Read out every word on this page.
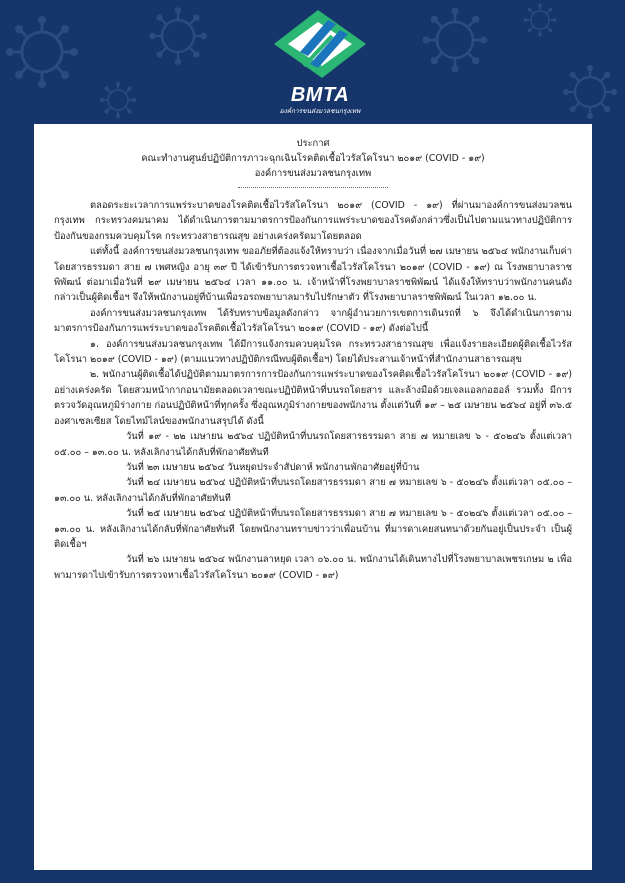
BMTA
องค์การขนส่งมวลชนกรุงเทพ
ประกาศ
คณะทำงานศูนย์ปฏิบัติการภาวะฉุกเฉินโรคติดเชื้อไวรัสโคโรนา ๒๐๑๙ (COVID - ๑๙)
องค์การขนส่งมวลชนกรุงเทพ

ตลอดระยะเวลาการแพร่ระบาดของโรคติดเชื้อไวรัสโคโรนา ๒๐๑๙ (COVID - ๑๙) ที่ผ่านมาองค์การขนส่งมวลชนกรุงเทพ กระทรวงคมนาคม ได้ดำเนินการตามมาตรการป้องกันการแพร่ระบาดของโรคดังกล่าวซึ่งเป็นไปตามแนวทางปฏิบัติการป้องกันของกรมควบคุมโรค กระทรวงสาธารณสุข อย่างเคร่งครัดมาโดยตลอด

แต่ทั้งนี้ องค์การขนส่งมวลชนกรุงเทพ ขออภัยที่ต้องแจ้งให้ทราบว่า เนื่องจากเมื่อวันที่ ๒๗ เมษายน ๒๕๖๔ พนักงานเก็บค่าโดยสารธรรมดา สาย ๗ เพศหญิง อายุ ๓๙ ปี ได้เข้ารับการตรวจหาเชื้อไวรัสโคโรนา ๒๐๑๙ (COVID - ๑๙) ณ โรงพยาบาลราชพิพัฒน์ ต่อมาเมื่อวันที่ ๒๙ เมษายน ๒๕๖๔ เวลา ๑๑.๐๐ น. เจ้าหน้าที่โรงพยาบาลราชพิพัฒน์ ได้แจ้งให้ทราบว่าพนักงานคนดังกล่าวเป็นผู้ติดเชื้อฯ จึงให้พนักงานอยู่ที่บ้านเพื่อรอรถพยาบาลมารับไปรักษาตัว ที่โรงพยาบาลราชพิพัฒน์ ในเวลา ๑๒.๐๐ น.

องค์การขนส่งมวลชนกรุงเทพ ได้รับทราบข้อมูลดังกล่าว จากผู้อำนวยการเขตการเดินรถที่ ๖ จึงได้ดำเนินการตามมาตรการป้องกันการแพร่ระบาดของโรคติดเชื้อไวรัสโคโรนา ๒๐๑๙ (COVID - ๑๙) ดังต่อไปนี้

๑. องค์การขนส่งมวลชนกรุงเทพ ได้มีการแจ้งกรมควบคุมโรค กระทรวงสาธารณสุข เพื่อแจ้งรายละเอียดผู้ติดเชื้อไวรัสโคโรนา ๒๐๑๙ (COVID - ๑๙) (ตามแนวทางปฏิบัติกรณีพบผู้ติดเชื้อฯ) โดยได้ประสานเจ้าหน้าที่สำนักงานสาธารณสุข

๒. พนักงานผู้ติดเชื้อได้ปฏิบัติตามมาตรการการป้องกันการแพร่ระบาดของโรคติดเชื้อไวรัสโคโรนา ๒๐๑๙ (COVID - ๑๙) อย่างเคร่งครัด โดยสวมหน้ากากอนามัยตลอดเวลาขณะปฏิบัติหน้าที่บนรถโดยสาร และล้างมือด้วยเจลแอลกอฮอล์ รวมทั้ง มีการตรวจวัดอุณหภูมิร่างกาย ก่อนปฏิบัติหน้าที่ทุกครั้ง ซึ่งอุณหภูมิร่างกายของพนักงาน ตั้งแต่วันที่ ๑๙ – ๒๕ เมษายน ๒๕๖๔ อยู่ที่ ๓๖.๕ องศาเซลเซียส โดยไทม์ไลน์ของพนักงานสรุปได้ ดังนี้

วันที่ ๑๙ - ๒๒ เมษายน ๒๕๖๔ ปฏิบัติหน้าที่บนรถโดยสารธรรมดา สาย ๗ หมายเลข ๖ - ๕๐๒๔๖ ตั้งแต่เวลา ๐๕.๐๐ – ๑๓.๐๐ น. หลังเลิกงานได้กลับที่พักอาศัยทันที

วันที่ ๒๓ เมษายน ๒๕๖๔ วันหยุดประจำสัปดาห์ พนักงานพักอาศัยอยู่ที่บ้าน

วันที่ ๒๔ เมษายน ๒๕๖๔ ปฏิบัติหน้าที่บนรถโดยสารธรรมดา สาย ๗ หมายเลข ๖ - ๕๐๒๔๖ ตั้งแต่เวลา ๐๕.๐๐ – ๑๓.๐๐ น. หลังเลิกงานได้กลับที่พักอาศัยทันที

วันที่ ๒๕ เมษายน ๒๕๖๔ ปฏิบัติหน้าที่บนรถโดยสารธรรมดา สาย ๗ หมายเลข ๖ - ๕๐๒๔๖ ตั้งแต่เวลา ๐๕.๐๐ – ๑๓.๐๐ น. หลังเลิกงานได้กลับที่พักอาศัยทันที โดยพนักงานทราบข่าวว่าเพื่อนบ้าน ที่มารดาเคยสนทนาด้วยกันอยู่เป็นประจำ เป็นผู้ติดเชื้อฯ

วันที่ ๒๖ เมษายน ๒๕๖๔ พนักงานลาหยุด เวลา ๐๖.๐๐ น. พนักงานได้เดินทางไปที่โรงพยาบาลเพชรเกษม ๒ เพื่อพามารดาไปเข้ารับการตรวจหาเชื้อไวรัสโคโรนา ๒๐๑๙ (COVID - ๑๙)
